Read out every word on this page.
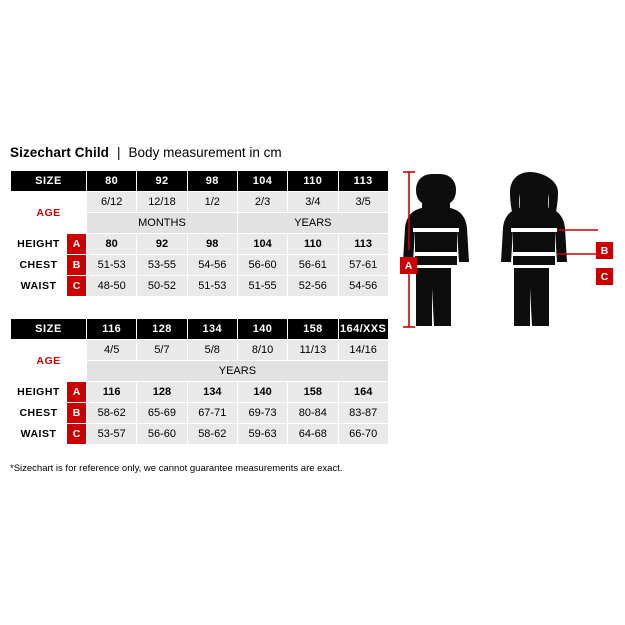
Sizechart Child | Body measurement in cm
SIZE		80	92	98	104	110	113
AGE		6/12	12/18	1/2	2/3	3/4	3/5
		MONTHS			YEARS		
HEIGHT	A	80	92	98	104	110	113
CHEST	B	51-53	53-55	54-56	56-60	56-61	57-61
WAIST	C	48-50	50-52	51-53	51-55	52-56	54-56
SIZE		116	128	134	140	158	164/XXS
AGE		4/5	5/7	5/8	8/10	11/13	14/16
		YEARS					
HEIGHT	A	116	128	134	140	158	164
CHEST	B	58-62	65-69	67-71	69-73	80-84	83-87
WAIST	C	53-57	56-60	58-62	59-63	64-68	66-70
*Sizechart is for reference only, we cannot guarantee measurements are exact.
A
B
C
